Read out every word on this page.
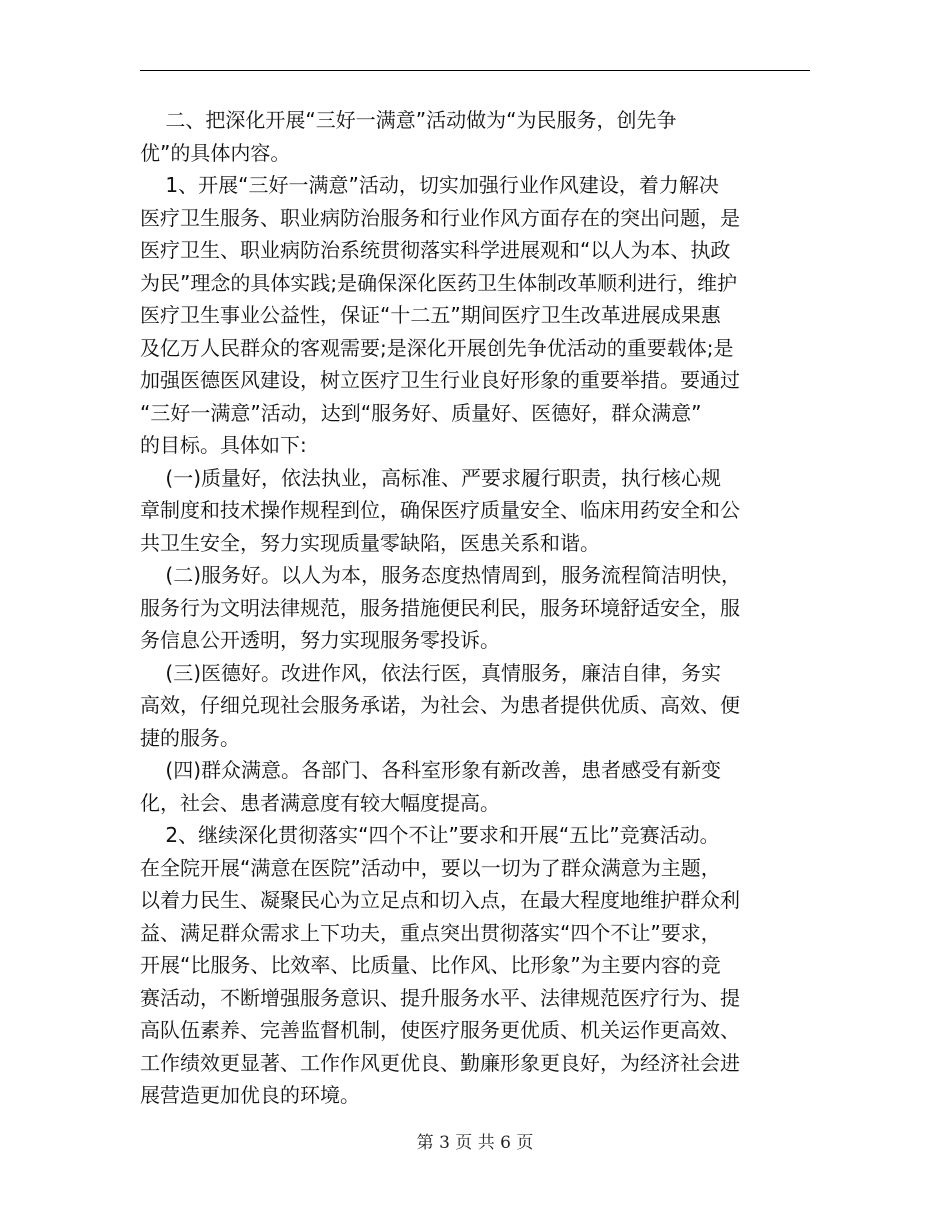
二、把深化开展“三好一满意”活动做为“为民服务，创先争
优”的具体内容。
1、开展“三好一满意”活动，切实加强行业作风建设，着力解决
医疗卫生服务、职业病防治服务和行业作风方面存在的突出问题，是
医疗卫生、职业病防治系统贯彻落实科学进展观和“以人为本、执政
为民”理念的具体实践;是确保深化医药卫生体制改革顺利进行，维护
医疗卫生事业公益性，保证“十二五”期间医疗卫生改革进展成果惠
及亿万人民群众的客观需要;是深化开展创先争优活动的重要载体;是
加强医德医风建设，树立医疗卫生行业良好形象的重要举措。要通过
“三好一满意”活动，达到“服务好、质量好、医德好，群众满意”
的目标。具体如下:
(一)质量好，依法执业，高标准、严要求履行职责，执行核心规
章制度和技术操作规程到位，确保医疗质量安全、临床用药安全和公
共卫生安全，努力实现质量零缺陷，医患关系和谐。
(二)服务好。以人为本，服务态度热情周到，服务流程简洁明快，
服务行为文明法律规范，服务措施便民利民，服务环境舒适安全，服
务信息公开透明，努力实现服务零投诉。
(三)医德好。改进作风，依法行医，真情服务，廉洁自律，务实
高效，仔细兑现社会服务承诺，为社会、为患者提供优质、高效、便
捷的服务。
(四)群众满意。各部门、各科室形象有新改善，患者感受有新变
化，社会、患者满意度有较大幅度提高。
2、继续深化贯彻落实“四个不让”要求和开展“五比”竞赛活动。
在全院开展“满意在医院”活动中，要以一切为了群众满意为主题，
以着力民生、凝聚民心为立足点和切入点，在最大程度地维护群众利
益、满足群众需求上下功夫，重点突出贯彻落实“四个不让”要求，
开展“比服务、比效率、比质量、比作风、比形象”为主要内容的竞
赛活动，不断增强服务意识、提升服务水平、法律规范医疗行为、提
高队伍素养、完善监督机制，使医疗服务更优质、机关运作更高效、
工作绩效更显著、工作作风更优良、勤廉形象更良好，为经济社会进
展营造更加优良的环境。
第 3 页 共 6 页
